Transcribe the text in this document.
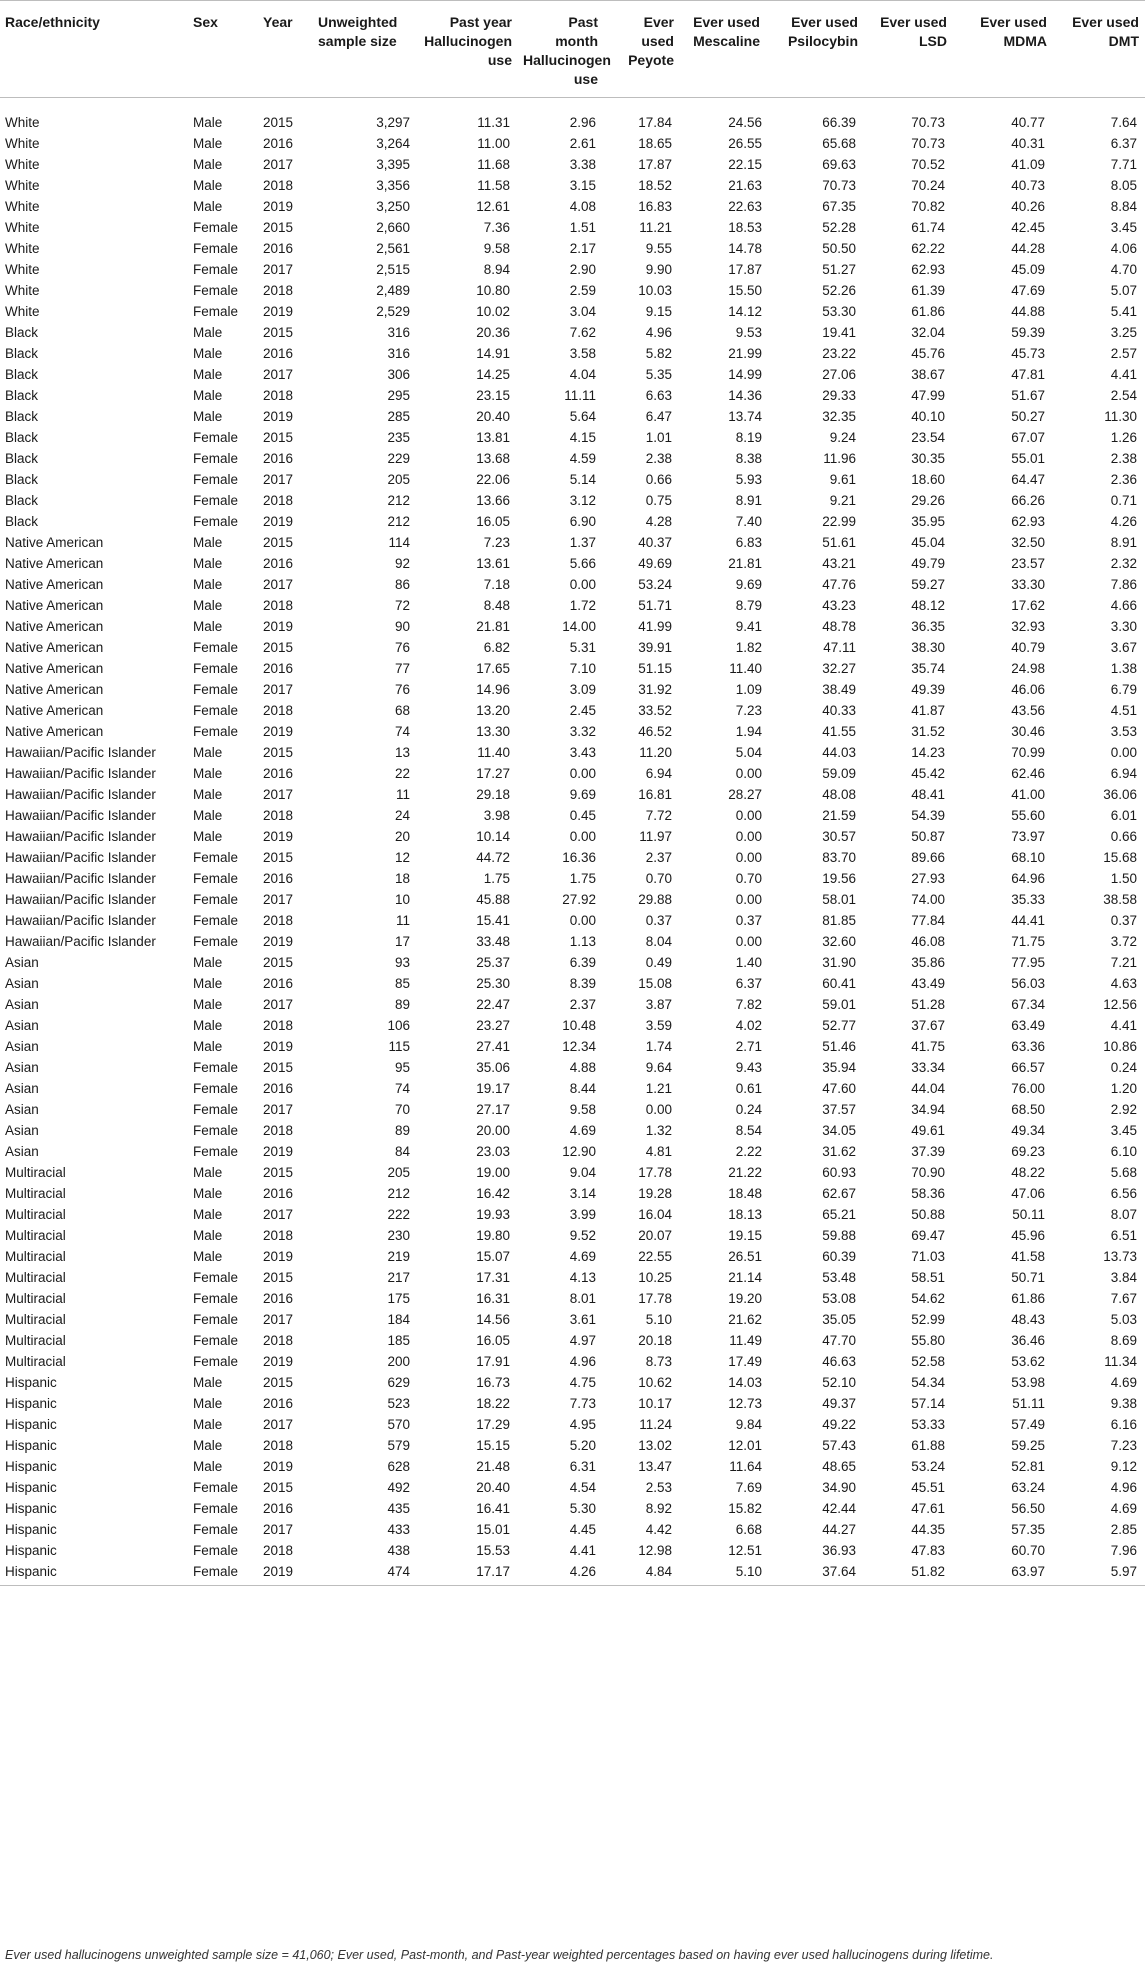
Race/ethnicity	Sex	Year	Unweighted sample size	Past year Hallucinogen use	Past month Hallucinogen use	Ever used Peyote	Ever used Mescaline	Ever used Psilocybin	Ever used LSD	Ever used MDMA	Ever used DMT
White	Male	2015	3,297	11.31	2.96	17.84	24.56	66.39	70.73	40.77	7.64
White	Male	2016	3,264	11.00	2.61	18.65	26.55	65.68	70.73	40.31	6.37
White	Male	2017	3,395	11.68	3.38	17.87	22.15	69.63	70.52	41.09	7.71
White	Male	2018	3,356	11.58	3.15	18.52	21.63	70.73	70.24	40.73	8.05
White	Male	2019	3,250	12.61	4.08	16.83	22.63	67.35	70.82	40.26	8.84
White	Female	2015	2,660	7.36	1.51	11.21	18.53	52.28	61.74	42.45	3.45
White	Female	2016	2,561	9.58	2.17	9.55	14.78	50.50	62.22	44.28	4.06
White	Female	2017	2,515	8.94	2.90	9.90	17.87	51.27	62.93	45.09	4.70
White	Female	2018	2,489	10.80	2.59	10.03	15.50	52.26	61.39	47.69	5.07
White	Female	2019	2,529	10.02	3.04	9.15	14.12	53.30	61.86	44.88	5.41
Black	Male	2015	316	20.36	7.62	4.96	9.53	19.41	32.04	59.39	3.25
Black	Male	2016	316	14.91	3.58	5.82	21.99	23.22	45.76	45.73	2.57
Black	Male	2017	306	14.25	4.04	5.35	14.99	27.06	38.67	47.81	4.41
Black	Male	2018	295	23.15	11.11	6.63	14.36	29.33	47.99	51.67	2.54
Black	Male	2019	285	20.40	5.64	6.47	13.74	32.35	40.10	50.27	11.30
Black	Female	2015	235	13.81	4.15	1.01	8.19	9.24	23.54	67.07	1.26
Black	Female	2016	229	13.68	4.59	2.38	8.38	11.96	30.35	55.01	2.38
Black	Female	2017	205	22.06	5.14	0.66	5.93	9.61	18.60	64.47	2.36
Black	Female	2018	212	13.66	3.12	0.75	8.91	9.21	29.26	66.26	0.71
Black	Female	2019	212	16.05	6.90	4.28	7.40	22.99	35.95	62.93	4.26
Native American	Male	2015	114	7.23	1.37	40.37	6.83	51.61	45.04	32.50	8.91
Native American	Male	2016	92	13.61	5.66	49.69	21.81	43.21	49.79	23.57	2.32
Native American	Male	2017	86	7.18	0.00	53.24	9.69	47.76	59.27	33.30	7.86
Native American	Male	2018	72	8.48	1.72	51.71	8.79	43.23	48.12	17.62	4.66
Native American	Male	2019	90	21.81	14.00	41.99	9.41	48.78	36.35	32.93	3.30
Native American	Female	2015	76	6.82	5.31	39.91	1.82	47.11	38.30	40.79	3.67
Native American	Female	2016	77	17.65	7.10	51.15	11.40	32.27	35.74	24.98	1.38
Native American	Female	2017	76	14.96	3.09	31.92	1.09	38.49	49.39	46.06	6.79
Native American	Female	2018	68	13.20	2.45	33.52	7.23	40.33	41.87	43.56	4.51
Native American	Female	2019	74	13.30	3.32	46.52	1.94	41.55	31.52	30.46	3.53
Hawaiian/Pacific Islander	Male	2015	13	11.40	3.43	11.20	5.04	44.03	14.23	70.99	0.00
Hawaiian/Pacific Islander	Male	2016	22	17.27	0.00	6.94	0.00	59.09	45.42	62.46	6.94
Hawaiian/Pacific Islander	Male	2017	11	29.18	9.69	16.81	28.27	48.08	48.41	41.00	36.06
Hawaiian/Pacific Islander	Male	2018	24	3.98	0.45	7.72	0.00	21.59	54.39	55.60	6.01
Hawaiian/Pacific Islander	Male	2019	20	10.14	0.00	11.97	0.00	30.57	50.87	73.97	0.66
Hawaiian/Pacific Islander	Female	2015	12	44.72	16.36	2.37	0.00	83.70	89.66	68.10	15.68
Hawaiian/Pacific Islander	Female	2016	18	1.75	1.75	0.70	0.70	19.56	27.93	64.96	1.50
Hawaiian/Pacific Islander	Female	2017	10	45.88	27.92	29.88	0.00	58.01	74.00	35.33	38.58
Hawaiian/Pacific Islander	Female	2018	11	15.41	0.00	0.37	0.37	81.85	77.84	44.41	0.37
Hawaiian/Pacific Islander	Female	2019	17	33.48	1.13	8.04	0.00	32.60	46.08	71.75	3.72
Asian	Male	2015	93	25.37	6.39	0.49	1.40	31.90	35.86	77.95	7.21
Asian	Male	2016	85	25.30	8.39	15.08	6.37	60.41	43.49	56.03	4.63
Asian	Male	2017	89	22.47	2.37	3.87	7.82	59.01	51.28	67.34	12.56
Asian	Male	2018	106	23.27	10.48	3.59	4.02	52.77	37.67	63.49	4.41
Asian	Male	2019	115	27.41	12.34	1.74	2.71	51.46	41.75	63.36	10.86
Asian	Female	2015	95	35.06	4.88	9.64	9.43	35.94	33.34	66.57	0.24
Asian	Female	2016	74	19.17	8.44	1.21	0.61	47.60	44.04	76.00	1.20
Asian	Female	2017	70	27.17	9.58	0.00	0.24	37.57	34.94	68.50	2.92
Asian	Female	2018	89	20.00	4.69	1.32	8.54	34.05	49.61	49.34	3.45
Asian	Female	2019	84	23.03	12.90	4.81	2.22	31.62	37.39	69.23	6.10
Multiracial	Male	2015	205	19.00	9.04	17.78	21.22	60.93	70.90	48.22	5.68
Multiracial	Male	2016	212	16.42	3.14	19.28	18.48	62.67	58.36	47.06	6.56
Multiracial	Male	2017	222	19.93	3.99	16.04	18.13	65.21	50.88	50.11	8.07
Multiracial	Male	2018	230	19.80	9.52	20.07	19.15	59.88	69.47	45.96	6.51
Multiracial	Male	2019	219	15.07	4.69	22.55	26.51	60.39	71.03	41.58	13.73
Multiracial	Female	2015	217	17.31	4.13	10.25	21.14	53.48	58.51	50.71	3.84
Multiracial	Female	2016	175	16.31	8.01	17.78	19.20	53.08	54.62	61.86	7.67
Multiracial	Female	2017	184	14.56	3.61	5.10	21.62	35.05	52.99	48.43	5.03
Multiracial	Female	2018	185	16.05	4.97	20.18	11.49	47.70	55.80	36.46	8.69
Multiracial	Female	2019	200	17.91	4.96	8.73	17.49	46.63	52.58	53.62	11.34
Hispanic	Male	2015	629	16.73	4.75	10.62	14.03	52.10	54.34	53.98	4.69
Hispanic	Male	2016	523	18.22	7.73	10.17	12.73	49.37	57.14	51.11	9.38
Hispanic	Male	2017	570	17.29	4.95	11.24	9.84	49.22	53.33	57.49	6.16
Hispanic	Male	2018	579	15.15	5.20	13.02	12.01	57.43	61.88	59.25	7.23
Hispanic	Male	2019	628	21.48	6.31	13.47	11.64	48.65	53.24	52.81	9.12
Hispanic	Female	2015	492	20.40	4.54	2.53	7.69	34.90	45.51	63.24	4.96
Hispanic	Female	2016	435	16.41	5.30	8.92	15.82	42.44	47.61	56.50	4.69
Hispanic	Female	2017	433	15.01	4.45	4.42	6.68	44.27	44.35	57.35	2.85
Hispanic	Female	2018	438	15.53	4.41	12.98	12.51	36.93	47.83	60.70	7.96
Hispanic	Female	2019	474	17.17	4.26	4.84	5.10	37.64	51.82	63.97	5.97
Ever used hallucinogens unweighted sample size = 41,060; Ever used, Past-month, and Past-year weighted percentages based on having ever used hallucinogens during lifetime.
